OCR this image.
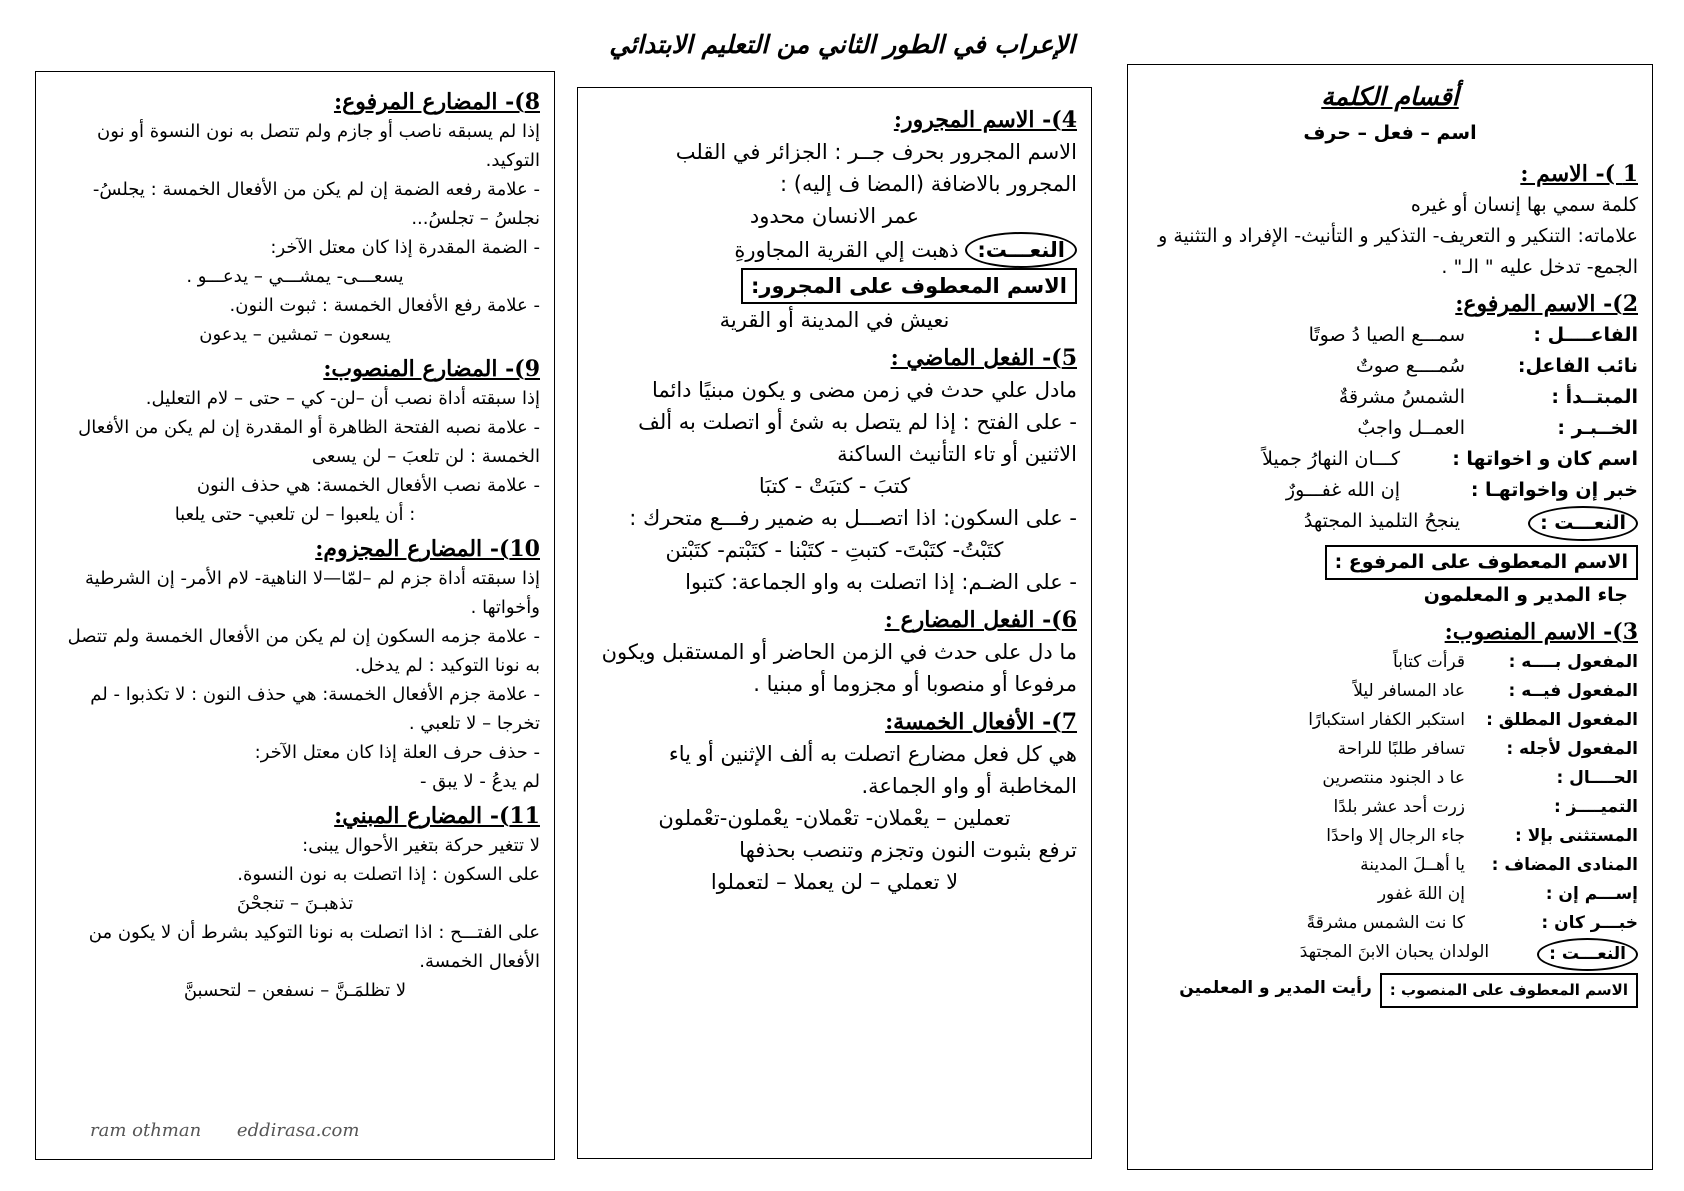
الإعراب في الطور الثاني من التعليم الابتدائي

أقسام الكلمة

اسم – فعل – حرف

1 )- الاسم :

كلمة سمي بها إنسان أو غيره

علاماته: التنكير و التعريف- التذكير و التأنيث- الإفراد و التثنية و الجمع- تدخل عليه " الـ" .

2)- الاسم المرفوع:

الفاعــــل :
سمـــع الصيا دُ صوتًا
نائب الفاعل:
سُمــــع صوتٌ
المبتــدأ :
الشمسُ مشرقةٌ
الخــبـر :
العمــل واجبٌ
اسم كان و اخواتها :
كـــان النهارُ جميلاً
خبر إن واخواتهـا :
إن الله غفـــورٌ
النعـــت :
ينجحُ التلميذ المجتهدُ

الاسم المعطوف على المرفوع :

جاء المدير و المعلمون

3)- الاسم المنصوب:

المفعول بــــه :
قرأت كتاباً
المفعول فيــه :
عاد المسافر ليلاً
المفعول المطلق :
استكبر الكفار استكبارًا
المفعول لأجله :
تسافر طلبًا للراحة
الحــــال :
عا د الجنود منتصرين
التميــــز :
زرت أحد عشر بلدًا
المستثنى بإلا :
جاء الرجال إلا واحدًا
المنادى المضاف :
يا أهــلَ المدينة
إســـم إن :
إن اللهَ غفور
خبـــر كان :
كا نت الشمس مشرقةً
النعـــت :
الولدان يحبان الابنَ المجتهدَ
الاسم المعطوف على المنصوب :
رأيت المدير و المعلمين

4)- الاسم المجرور:

الاسم المجرور بحرف جــر : الجزائر في القلب

المجرور بالاضافة (المضا ف إليه) :

عمر الانسان محدود

النعـــت: ذهبت إلي القرية المجاورةِ

الاسم المعطوف على المجرور:

نعيش في المدينة أو القرية

5)- الفعل الماضي :

مادل علي حدث في زمن مضى و يكون مبنيًا دائما

- على الفتح : إذا لم يتصل به شئ أو اتصلت به ألف الاثنين أو تاء التأنيث الساكنة

كتبَ - كتبَتْ - كتبَا

- على السكون: اذا اتصـــل به ضمير رفـــع متحرك :

كتَبْتُ- كتَبْتَ- كتبتِ - كتَبْنا - كتَبْتم- كتَبْتن

- على الضـم: إذا اتصلت به واو الجماعة: كتبوا

6)- الفعل المضارع :

ما دل على حدث في الزمن الحاضر أو المستقبل ويكون مرفوعا أو منصوبا أو مجزوما أو مبنيا .

7)- الأفعال الخمسة:

هي كل فعل مضارع اتصلت به ألف الإثنين أو ياء المخاطبة أو واو الجماعة.

تعملين – يعْملان- تعْملان- يعْملون-تعْملون

ترفع بثبوت النون وتجزم وتنصب بحذفها

لا تعملي – لن يعملا – لتعملوا

8)- المضارع المرفوع:

إذا لم يسبقه ناصب أو جازم ولم تتصل به نون النسوة أو نون التوكيد.

- علامة رفعه الضمة إن لم يكن من الأفعال الخمسة : يجلسُ- نجلسُ – تجلسُ...

- الضمة المقدرة إذا كان معتل الآخر:

يسعـــى- يمشـــي – يدعـــو .

- علامة رفع الأفعال الخمسة : ثبوت النون.

يسعون – تمشين – يدعون

9)- المضارع المنصوب:

إذا سبقته أداة نصب أن –لن- كي – حتى – لام التعليل.

- علامة نصبه الفتحة الظاهرة أو المقدرة إن لم يكن من الأفعال الخمسة : لن تلعبَ – لن يسعى

- علامة نصب الأفعال الخمسة: هي حذف النون

: أن يلعبوا – لن تلعبي- حتى يلعبا

10)- المضارع المجزوم:

إذا سبقته أداة جزم لم –لمّا—لا الناهية- لام الأمر- إن الشرطية وأخواتها .

- علامة جزمه السكون إن لم يكن من الأفعال الخمسة ولم تتصل به نونا التوكيد : لم يدخل.

- علامة جزم الأفعال الخمسة: هي حذف النون : لا تكذبوا - لم تخرجا – لا تلعبي .

- حذف حرف العلة إذا كان معتل الآخر:

لم يدعُ - لا يبق -

11)- المضارع المبني:

لا تتغير حركة بتغير الأحوال يبنى:

على السكون : إذا اتصلت به نون النسوة.

تذهبـنَ – تنجحْنَ

على الفتـــح : اذا اتصلت به نونا التوكيد بشرط أن لا يكون من الأفعال الخمسة.

لا تظلمَـنَّ – نسفعن – لتحسبنَّ

ram othman eddirasa.com
